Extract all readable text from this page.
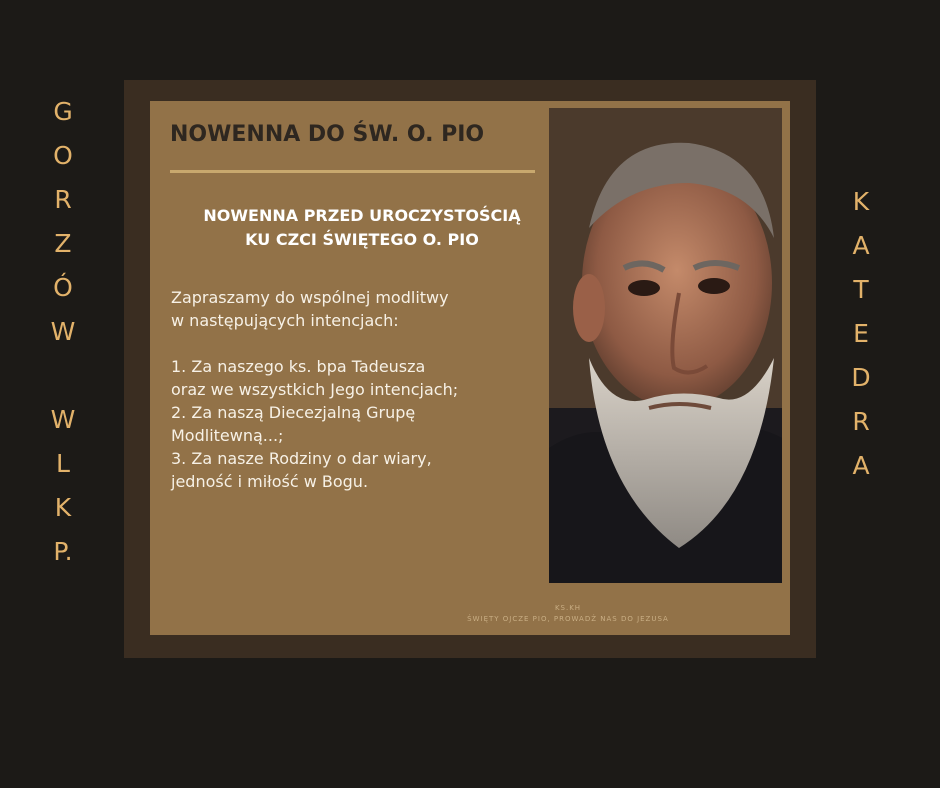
G
O
R
Z
Ó
W
W
L
K
P.
K
A
T
E
D
R
A
NOWENNA DO ŚW. O. PIO
NOWENNA PRZED UROCZYSTOŚCIĄ
KU CZCI ŚWIĘTEGO O. PIO
Zapraszamy do wspólnej modlitwy
w następujących intencjach:
1. Za naszego ks. bpa Tadeusza
oraz we wszystkich Jego intencjach;
2. Za naszą Diecezjalną Grupę
Modlitewną...;
3. Za nasze Rodziny o dar wiary,
jedność i miłość w Bogu.
KS.KH
ŚWIĘTY OJCZE PIO, PROWADŹ NAS DO JEZUSA
